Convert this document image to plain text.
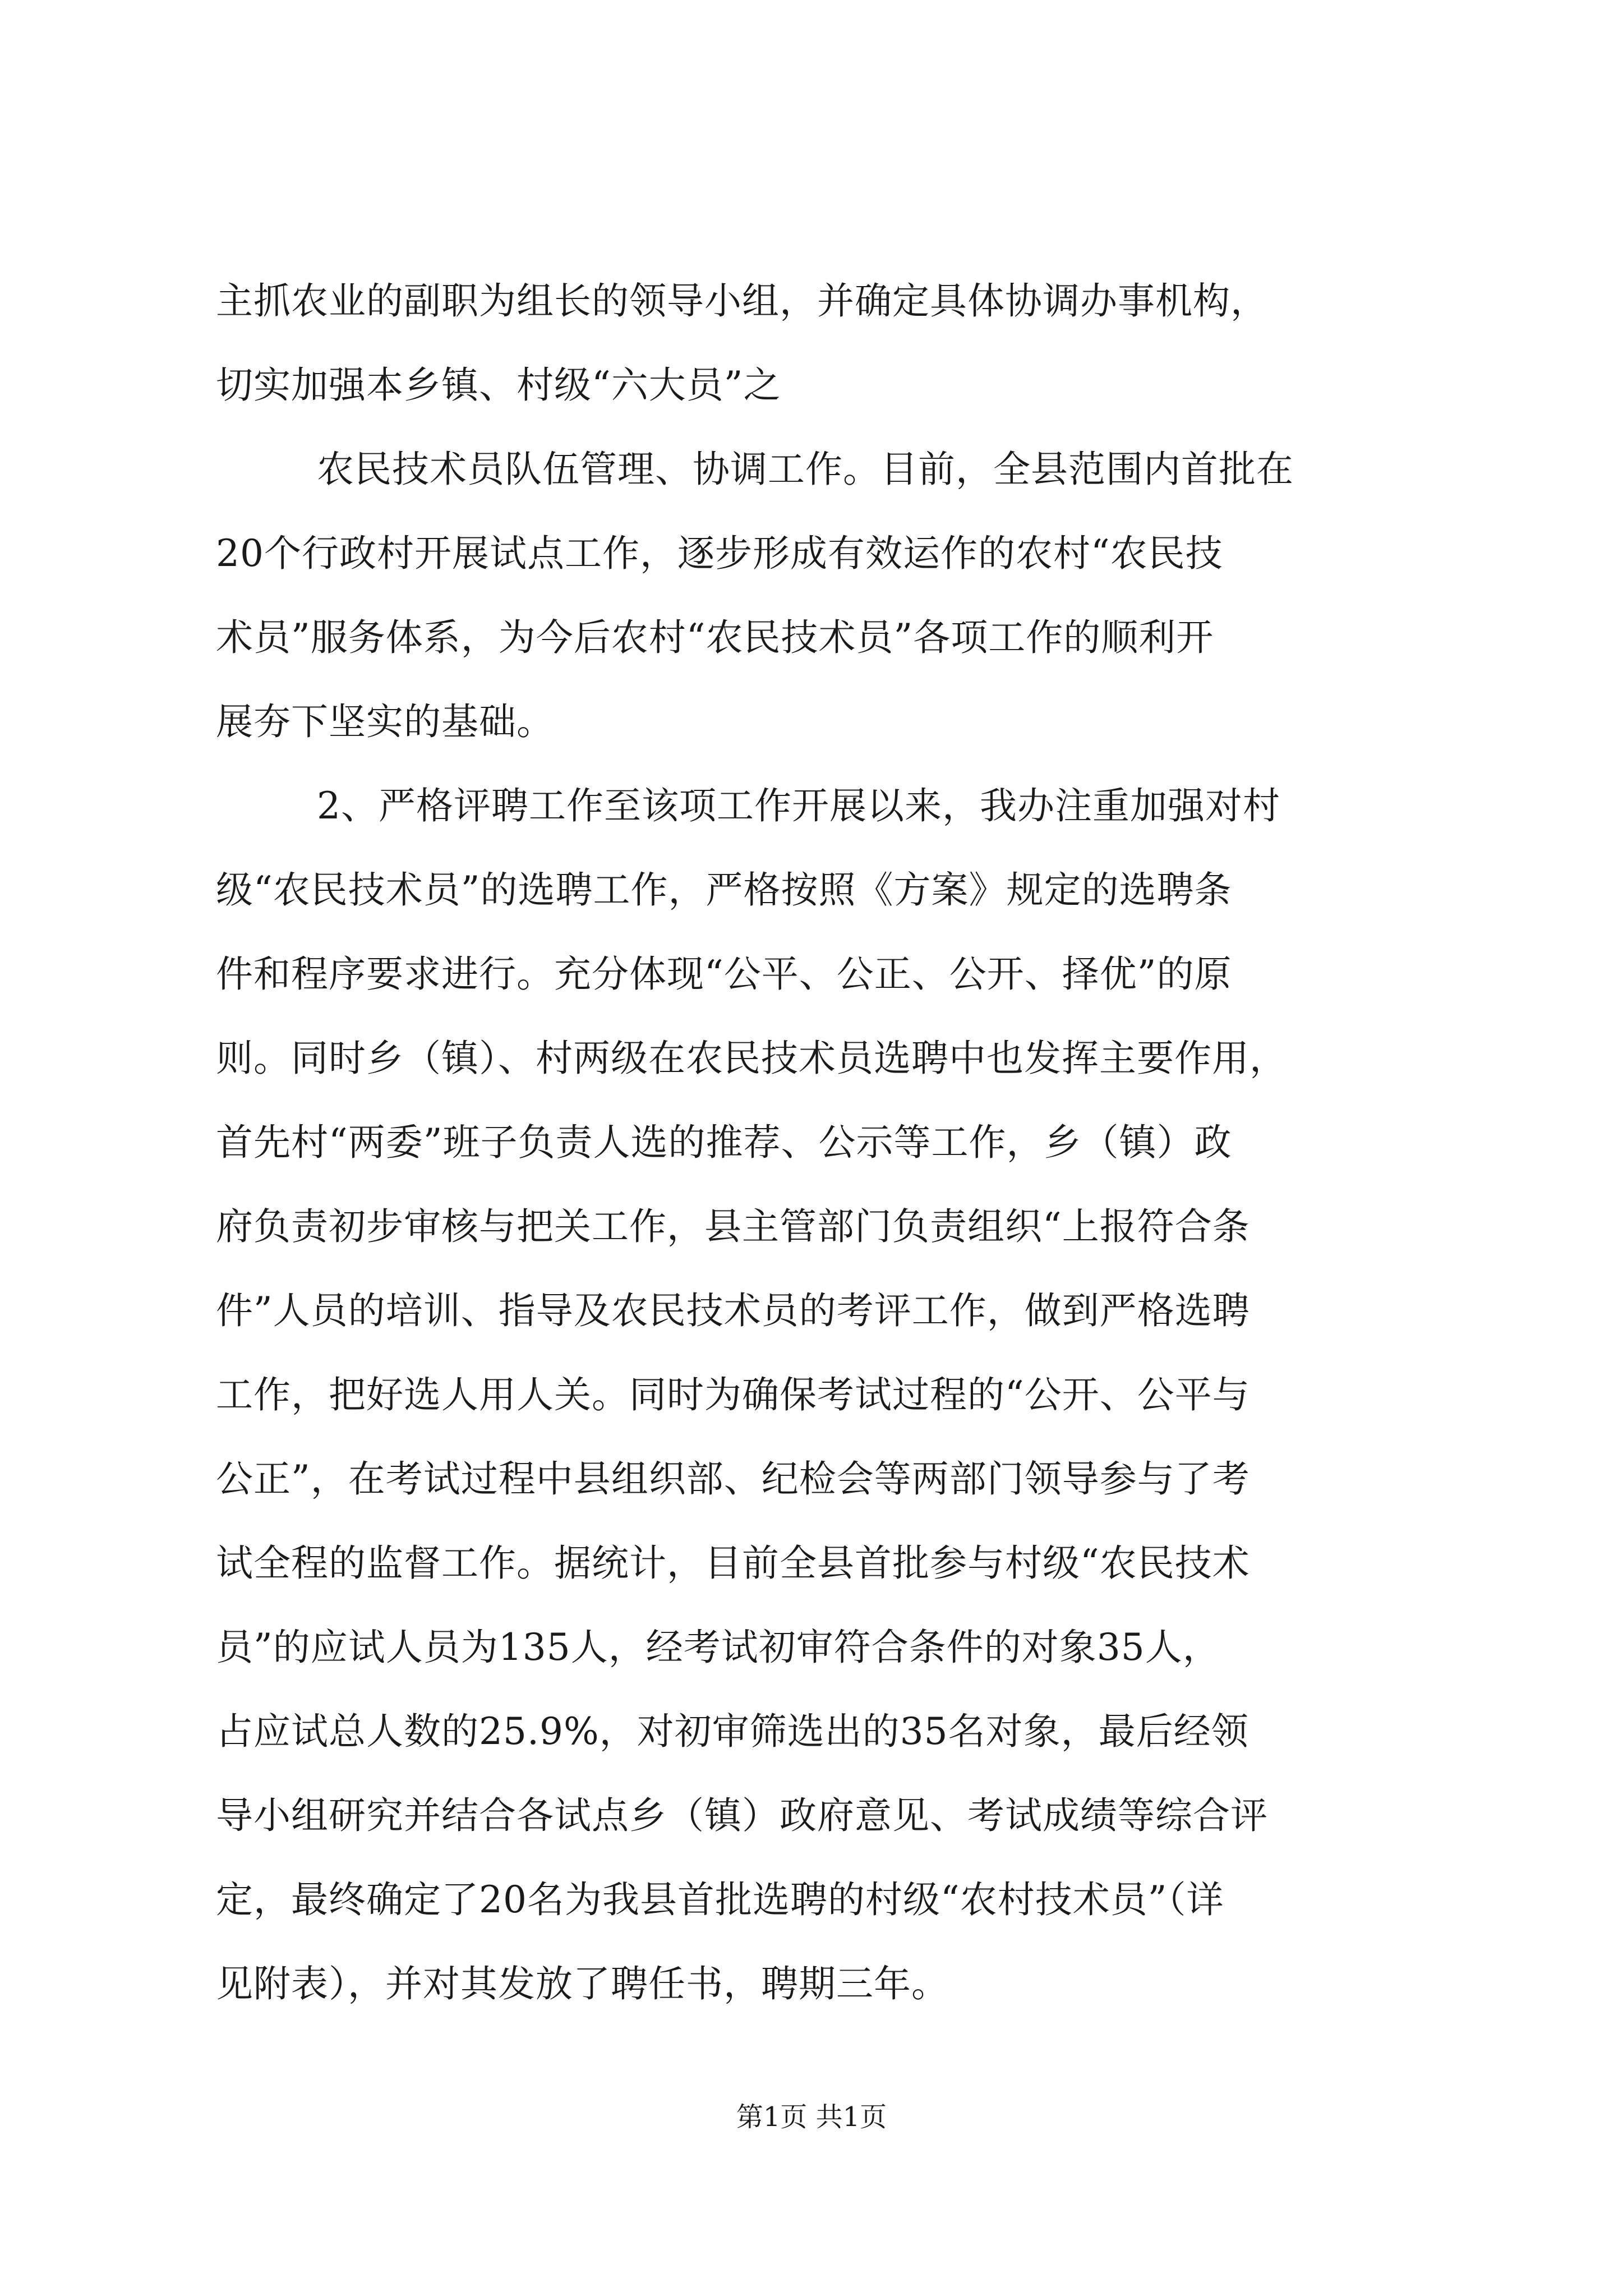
主抓农业的副职为组长的领导小组，并确定具体协调办事机构，
切实加强本乡镇、村级“六大员”之
农民技术员队伍管理、协调工作。目前，全县范围内首批在
20个行政村开展试点工作，逐步形成有效运作的农村“农民技
术员”服务体系，为今后农村“农民技术员”各项工作的顺利开
展夯下坚实的基础。
2、严格评聘工作至该项工作开展以来，我办注重加强对村
级“农民技术员”的选聘工作，严格按照《方案》规定的选聘条
件和程序要求进行。充分体现“公平、公正、公开、择优”的原
则。同时乡（镇）、村两级在农民技术员选聘中也发挥主要作用，
首先村“两委”班子负责人选的推荐、公示等工作，乡（镇）政
府负责初步审核与把关工作，县主管部门负责组织“上报符合条
件”人员的培训、指导及农民技术员的考评工作，做到严格选聘
工作，把好选人用人关。同时为确保考试过程的“公开、公平与
公正”，在考试过程中县组织部、纪检会等两部门领导参与了考
试全程的监督工作。据统计，目前全县首批参与村级“农民技术
员”的应试人员为135人，经考试初审符合条件的对象35人，
占应试总人数的25.9%，对初审筛选出的35名对象，最后经领
导小组研究并结合各试点乡（镇）政府意见、考试成绩等综合评
定，最终确定了20名为我县首批选聘的村级“农村技术员”（详
见附表），并对其发放了聘任书，聘期三年。
第1页 共1页
